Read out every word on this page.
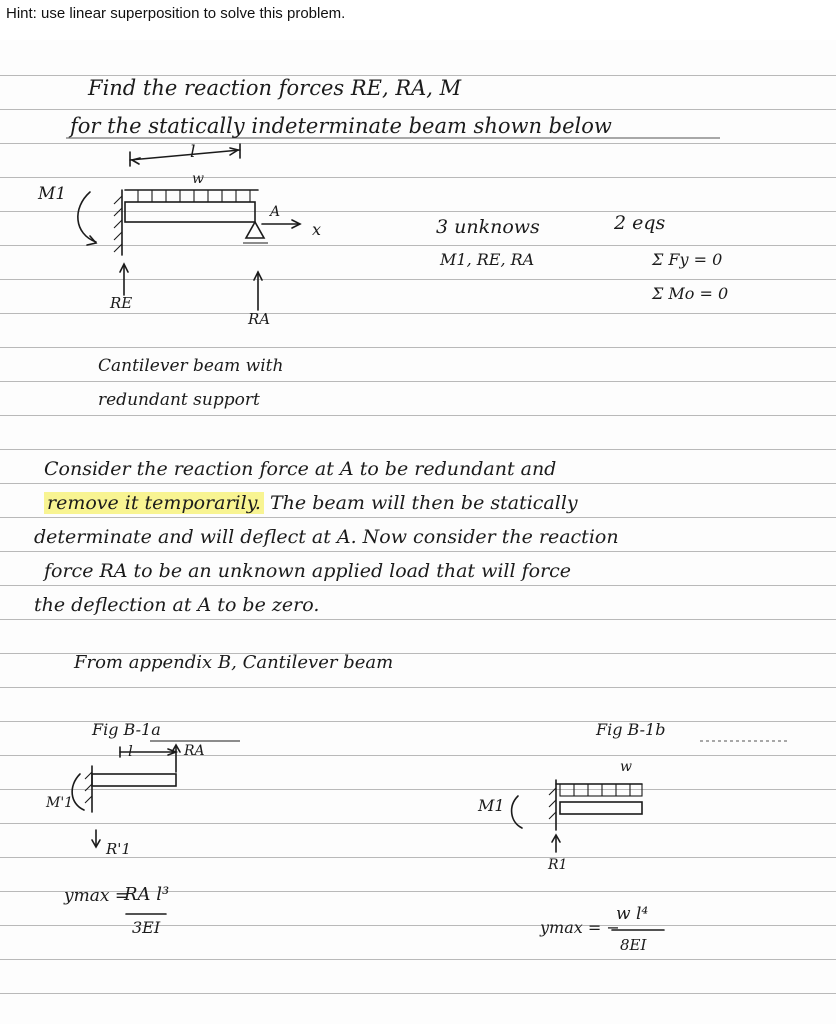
Hint: use linear superposition to solve this problem.
Find the reaction forces RE, RA, M
for the statically indeterminate beam shown below
l
w
M1
A
x
RE
RA
Cantilever beam with
redundant support
3 unknows
M1, RE, RA
2 eqs
Σ Fy = 0
Σ Mo = 0
Consider the reaction force at A to be redundant and
remove it temporarily. The beam will then be statically
determinate and will deflect at A. Now consider the reaction
force RA to be an unknown applied load that will force
the deflection at A to be zero.
From appendix B, Cantilever beam
Fig B-1a
l	RA
M'1
R'1
ymax =
RA l³
3EI
Fig B-1b
w
M1
R1
ymax = −
w l⁴
8EI
